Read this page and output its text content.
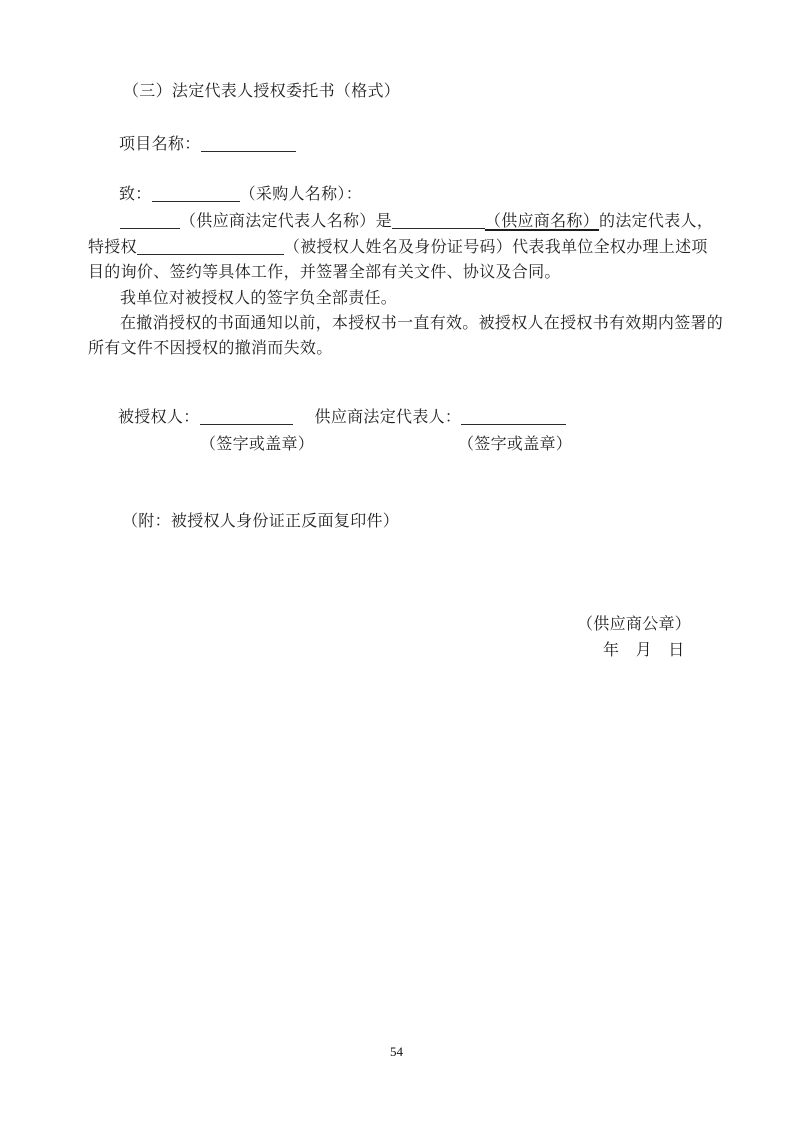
（三）法定代表人授权委托书（格式）
项目名称：
致：	（采购人名称）：
（供应商法定代表人名称）是	（供应商名称）的法定代表人，
特授权	（被授权人姓名及身份证号码）代表我单位全权办理上述项
目的询价、签约等具体工作，并签署全部有关文件、协议及合同。
我单位对被授权人的签字负全部责任。
在撤消授权的书面通知以前，本授权书一直有效。被授权人在授权书有效期内签署的
所有文件不因授权的撤消而失效。
被授权人：	供应商法定代表人：
（签字或盖章）	（签字或盖章）
（附：被授权人身份证正反面复印件）
（供应商公章）
年　月　日
54
